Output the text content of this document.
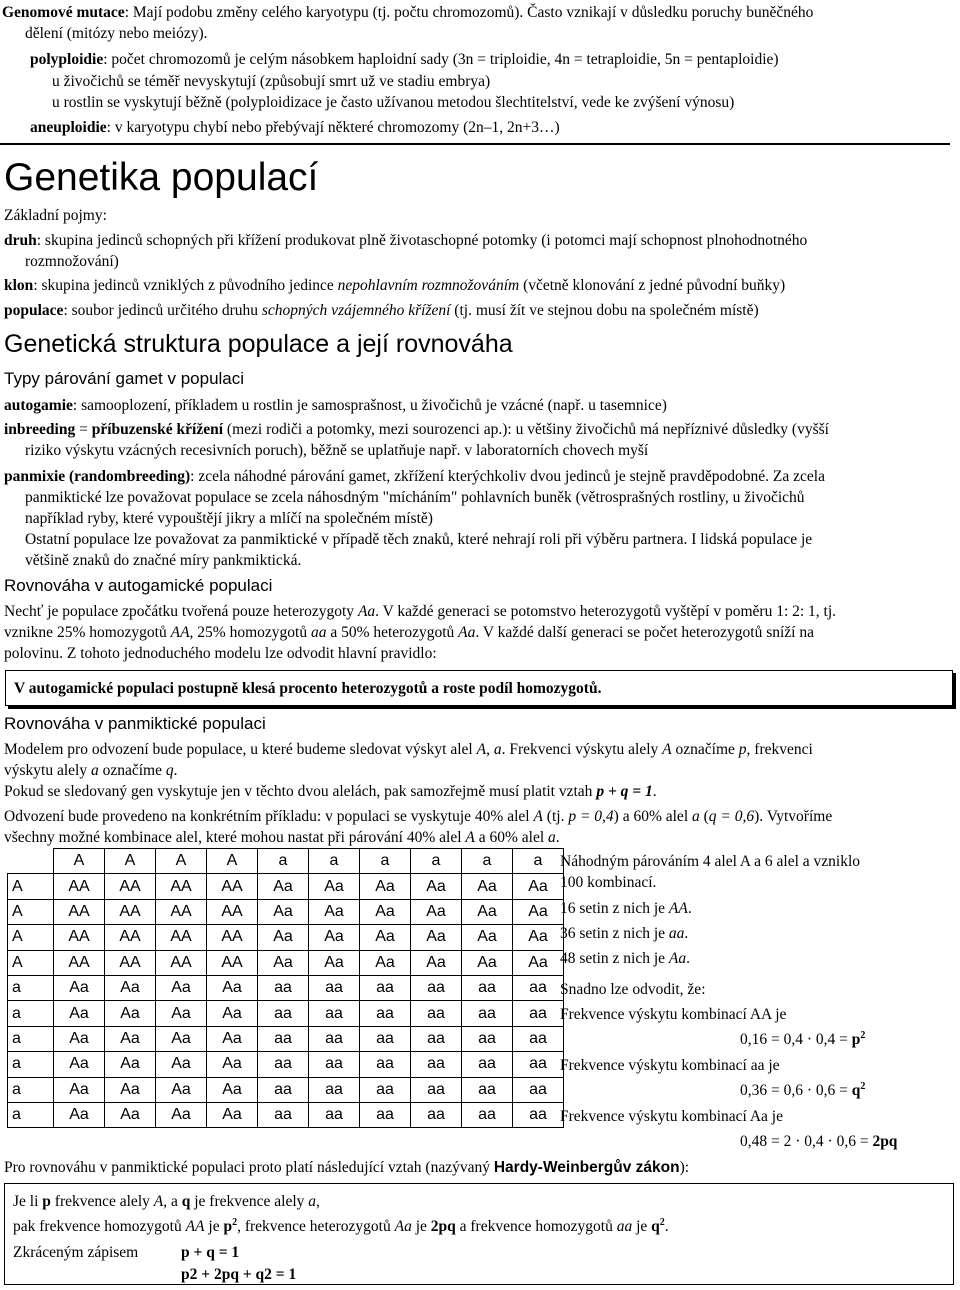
Genomové mutace: Mají podobu změny celého karyotypu (tj. počtu chromozomů). Často vznikají v důsledku poruchy buněčného
dělení (mitózy nebo meiózy).
polyploidie: počet chromozomů je celým násobkem haploidní sady (3n = triploidie, 4n = tetraploidie, 5n = pentaploidie)
u živočichů se téměř nevyskytují (způsobují smrt už ve stadiu embrya)
u rostlin se vyskytují běžně (polyploidizace je často užívanou metodou šlechtitelství, vede ke zvýšení výnosu)
aneuploidie: v karyotypu chybí nebo přebývají některé chromozomy (2n–1, 2n+3…)
Genetika populací
Základní pojmy:
druh: skupina jedinců schopných při křížení produkovat plně životaschopné potomky (i potomci mají schopnost plnohodnotného
rozmnožování)
klon: skupina jedinců vzniklých z původního jedince nepohlavním rozmnožováním (včetně klonování z jedné původní buňky)
populace: soubor jedinců určitého druhu schopných vzájemného křížení (tj. musí žít ve stejnou dobu na společném místě)
Genetická struktura populace a její rovnováha
Typy párování gamet v populaci
autogamie: samooplození, příkladem u rostlin je samosprašnost, u živočichů je vzácné (např. u tasemnice)
inbreeding = příbuzenské křížení (mezi rodiči a potomky, mezi sourozenci ap.): u většiny živočichů má nepříznivé důsledky (vyšší
riziko výskytu vzácných recesivních poruch), běžně se uplatňuje např. v laboratorních chovech myší
panmixie (randombreeding): zcela náhodné párování gamet, zkřížení kterýchkoliv dvou jedinců je stejně pravděpodobné. Za zcela
panmiktické lze považovat populace se zcela náhosdným "mícháním" pohlavních buněk (větrosprašných rostliny, u živočichů
například ryby, které vypouštějí jikry a mlíčí na společném místě)
Ostatní populace lze považovat za panmiktické v případě těch znaků, které nehrají roli při výběru partnera. I lidská populace je
většině znaků do značné míry pankmiktická.
Rovnováha v autogamické populaci
Nechť je populace zpočátku tvořená pouze heterozygoty Aa. V každé generaci se potomstvo heterozygotů vyštěpí v poměru 1: 2: 1, tj.
vznikne 25% homozygotů AA, 25% homozygotů aa a 50% heterozygotů Aa. V každé další generaci se počet heterozygotů sníží na
polovinu. Z tohoto jednoduchého modelu lze odvodit hlavní pravidlo:
V autogamické populaci postupně klesá procento heterozygotů a roste podíl homozygotů.
Rovnováha v panmiktické populaci
Modelem pro odvození bude populace, u které budeme sledovat výskyt alel A, a. Frekvenci výskytu alely A označíme p, frekvenci
výskytu alely a označíme q.
Pokud se sledovaný gen vyskytuje jen v těchto dvou alelách, pak samozřejmě musí platit vztah p + q = 1.
Odvození bude provedeno na konkrétním příkladu: v populaci se vyskytuje 40% alel A (tj. p = 0,4) a 60% alel a (q = 0,6). Vytvoříme
všechny možné kombinace alel, které mohou nastat při párování 40% alel A a 60% alel a.
	A	A	A	A	a	a	a	a	a	a
A	AA	AA	AA	AA	Aa	Aa	Aa	Aa	Aa	Aa
A	AA	AA	AA	AA	Aa	Aa	Aa	Aa	Aa	Aa
A	AA	AA	AA	AA	Aa	Aa	Aa	Aa	Aa	Aa
A	AA	AA	AA	AA	Aa	Aa	Aa	Aa	Aa	Aa
a	Aa	Aa	Aa	Aa	aa	aa	aa	aa	aa	aa
a	Aa	Aa	Aa	Aa	aa	aa	aa	aa	aa	aa
a	Aa	Aa	Aa	Aa	aa	aa	aa	aa	aa	aa
a	Aa	Aa	Aa	Aa	aa	aa	aa	aa	aa	aa
a	Aa	Aa	Aa	Aa	aa	aa	aa	aa	aa	aa
a	Aa	Aa	Aa	Aa	aa	aa	aa	aa	aa	aa
Náhodným párováním 4 alel A a 6 alel a vzniklo
100 kombinací.
16 setin z nich je AA.
36 setin z nich je aa.
48 setin z nich je Aa.
Snadno lze odvodit, že:
Frekvence výskytu kombinací AA je
$0,16 = 0,4 \cdot 0,4 = p^2$
Frekvence výskytu kombinací aa je
$0,36 = 0,6 \cdot 0,6 = q^2$
Frekvence výskytu kombinací Aa je
0,48 = 2 · 0,4 · 0,6 = 2pq
Pro rovnováhu v panmiktické populaci proto platí následující vztah (nazývaný Hardy-Weinbergův zákon):
Je li p frekvence alely A, a q je frekvence alely a,
pak frekvence homozygotů AA je $p^2$, frekvence heterozygotů Aa je 2pq a frekvence homozygotů aa je $q^2$.
Zkráceným zápisem	p + q = 1
p2 + 2pq + q2 = 1
